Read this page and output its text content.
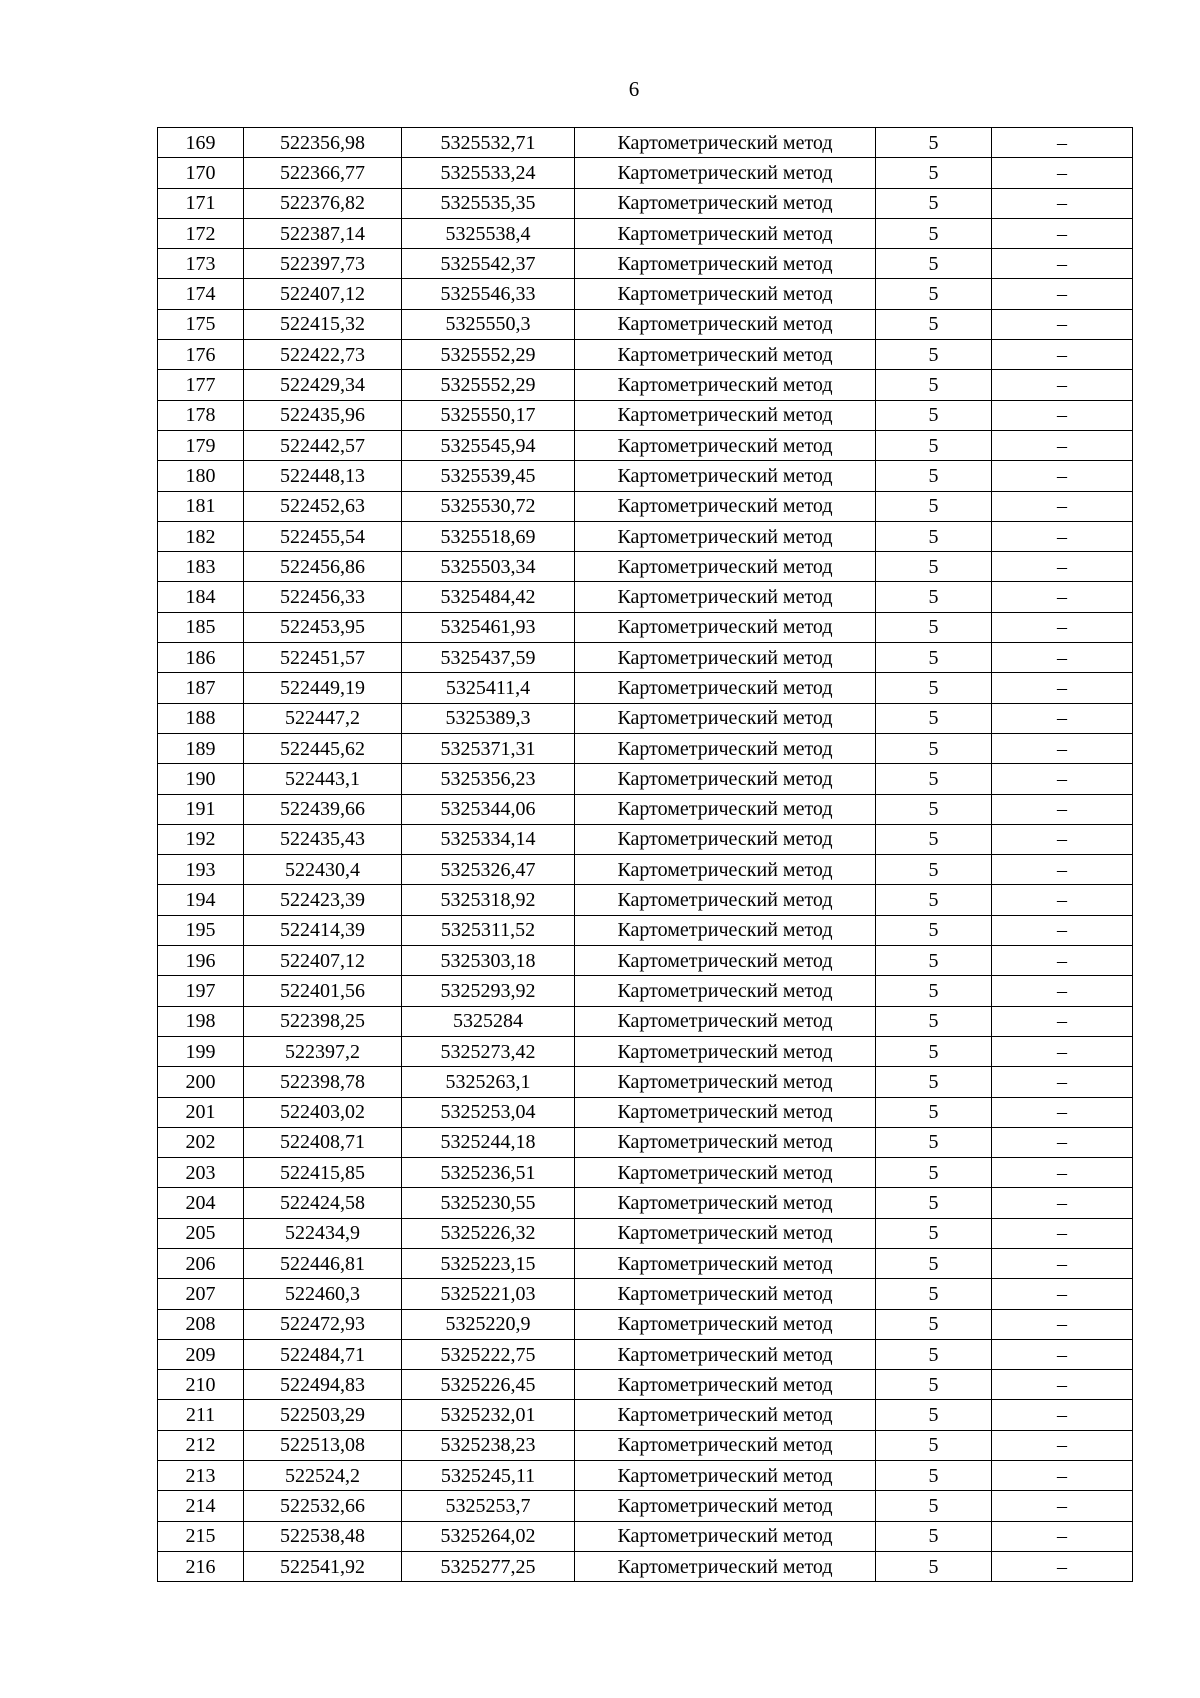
6
169	522356,98	5325532,71	Картометрический метод	5	–
170	522366,77	5325533,24	Картометрический метод	5	–
171	522376,82	5325535,35	Картометрический метод	5	–
172	522387,14	5325538,4	Картометрический метод	5	–
173	522397,73	5325542,37	Картометрический метод	5	–
174	522407,12	5325546,33	Картометрический метод	5	–
175	522415,32	5325550,3	Картометрический метод	5	–
176	522422,73	5325552,29	Картометрический метод	5	–
177	522429,34	5325552,29	Картометрический метод	5	–
178	522435,96	5325550,17	Картометрический метод	5	–
179	522442,57	5325545,94	Картометрический метод	5	–
180	522448,13	5325539,45	Картометрический метод	5	–
181	522452,63	5325530,72	Картометрический метод	5	–
182	522455,54	5325518,69	Картометрический метод	5	–
183	522456,86	5325503,34	Картометрический метод	5	–
184	522456,33	5325484,42	Картометрический метод	5	–
185	522453,95	5325461,93	Картометрический метод	5	–
186	522451,57	5325437,59	Картометрический метод	5	–
187	522449,19	5325411,4	Картометрический метод	5	–
188	522447,2	5325389,3	Картометрический метод	5	–
189	522445,62	5325371,31	Картометрический метод	5	–
190	522443,1	5325356,23	Картометрический метод	5	–
191	522439,66	5325344,06	Картометрический метод	5	–
192	522435,43	5325334,14	Картометрический метод	5	–
193	522430,4	5325326,47	Картометрический метод	5	–
194	522423,39	5325318,92	Картометрический метод	5	–
195	522414,39	5325311,52	Картометрический метод	5	–
196	522407,12	5325303,18	Картометрический метод	5	–
197	522401,56	5325293,92	Картометрический метод	5	–
198	522398,25	5325284	Картометрический метод	5	–
199	522397,2	5325273,42	Картометрический метод	5	–
200	522398,78	5325263,1	Картометрический метод	5	–
201	522403,02	5325253,04	Картометрический метод	5	–
202	522408,71	5325244,18	Картометрический метод	5	–
203	522415,85	5325236,51	Картометрический метод	5	–
204	522424,58	5325230,55	Картометрический метод	5	–
205	522434,9	5325226,32	Картометрический метод	5	–
206	522446,81	5325223,15	Картометрический метод	5	–
207	522460,3	5325221,03	Картометрический метод	5	–
208	522472,93	5325220,9	Картометрический метод	5	–
209	522484,71	5325222,75	Картометрический метод	5	–
210	522494,83	5325226,45	Картометрический метод	5	–
211	522503,29	5325232,01	Картометрический метод	5	–
212	522513,08	5325238,23	Картометрический метод	5	–
213	522524,2	5325245,11	Картометрический метод	5	–
214	522532,66	5325253,7	Картометрический метод	5	–
215	522538,48	5325264,02	Картометрический метод	5	–
216	522541,92	5325277,25	Картометрический метод	5	–
